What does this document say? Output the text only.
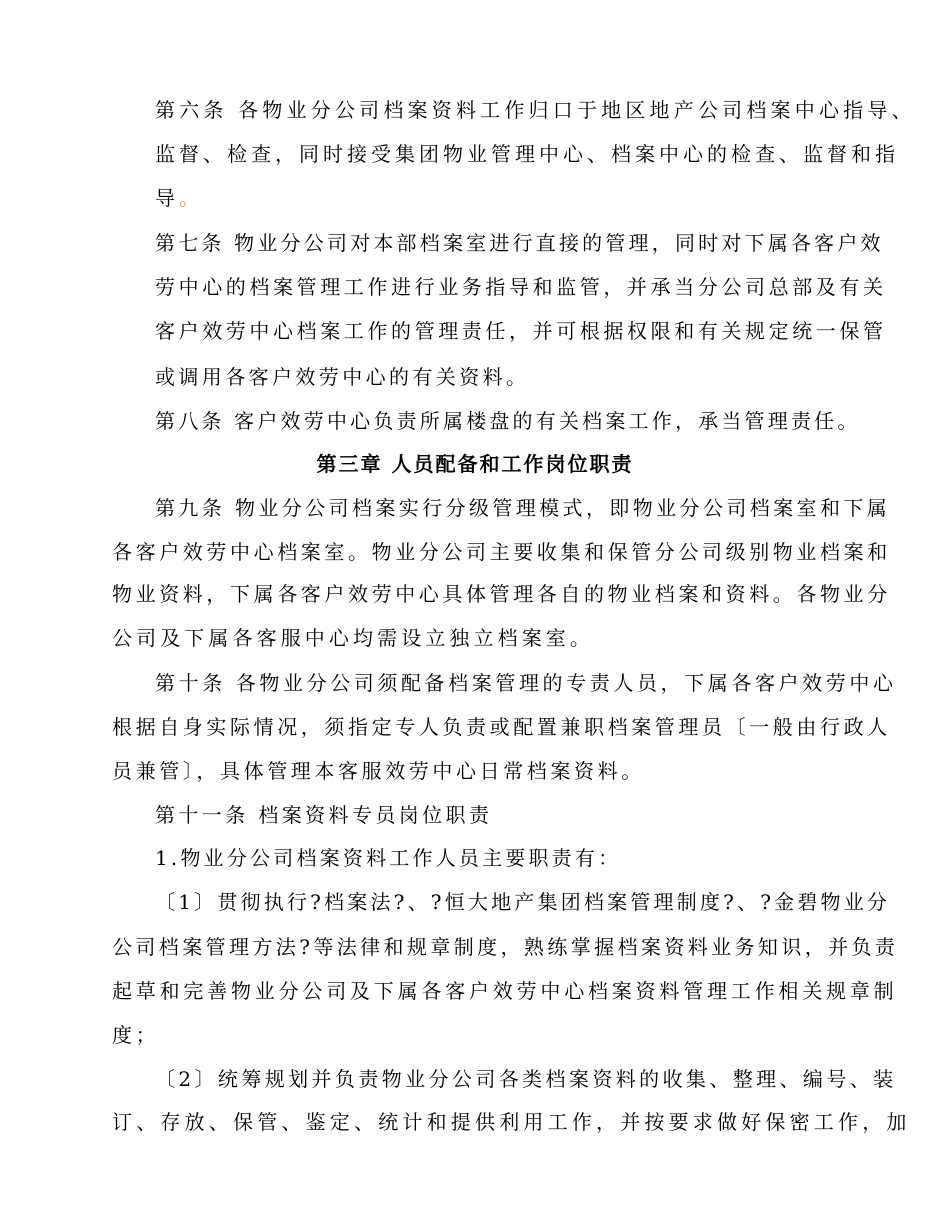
第六条 各物业分公司档案资料工作归口于地区地产公司档案中心指导、
监督、检查，同时接受集团物业管理中心、档案中心的检查、监督和指
导。
第七条 物业分公司对本部档案室进行直接的管理，同时对下属各客户效
劳中心的档案管理工作进行业务指导和监管，并承当分公司总部及有关
客户效劳中心档案工作的管理责任，并可根据权限和有关规定统一保管
或调用各客户效劳中心的有关资料。
第八条 客户效劳中心负责所属楼盘的有关档案工作，承当管理责任。
第三章 人员配备和工作岗位职责
第九条 物业分公司档案实行分级管理模式，即物业分公司档案室和下属
各客户效劳中心档案室。物业分公司主要收集和保管分公司级别物业档案和
物业资料，下属各客户效劳中心具体管理各自的物业档案和资料。各物业分
公司及下属各客服中心均需设立独立档案室。
第十条 各物业分公司须配备档案管理的专责人员，下属各客户效劳中心
根据自身实际情况，须指定专人负责或配置兼职档案管理员〔一般由行政人
员兼管〕，具体管理本客服效劳中心日常档案资料。
第十一条 档案资料专员岗位职责
1.物业分公司档案资料工作人员主要职责有：
〔1〕贯彻执行?档案法?、?恒大地产集团档案管理制度?、?金碧物业分
公司档案管理方法?等法律和规章制度，熟练掌握档案资料业务知识，并负责
起草和完善物业分公司及下属各客户效劳中心档案资料管理工作相关规章制
度；
〔2〕统筹规划并负责物业分公司各类档案资料的收集、整理、编号、装
订、存放、保管、鉴定、统计和提供利用工作，并按要求做好保密工作，加
